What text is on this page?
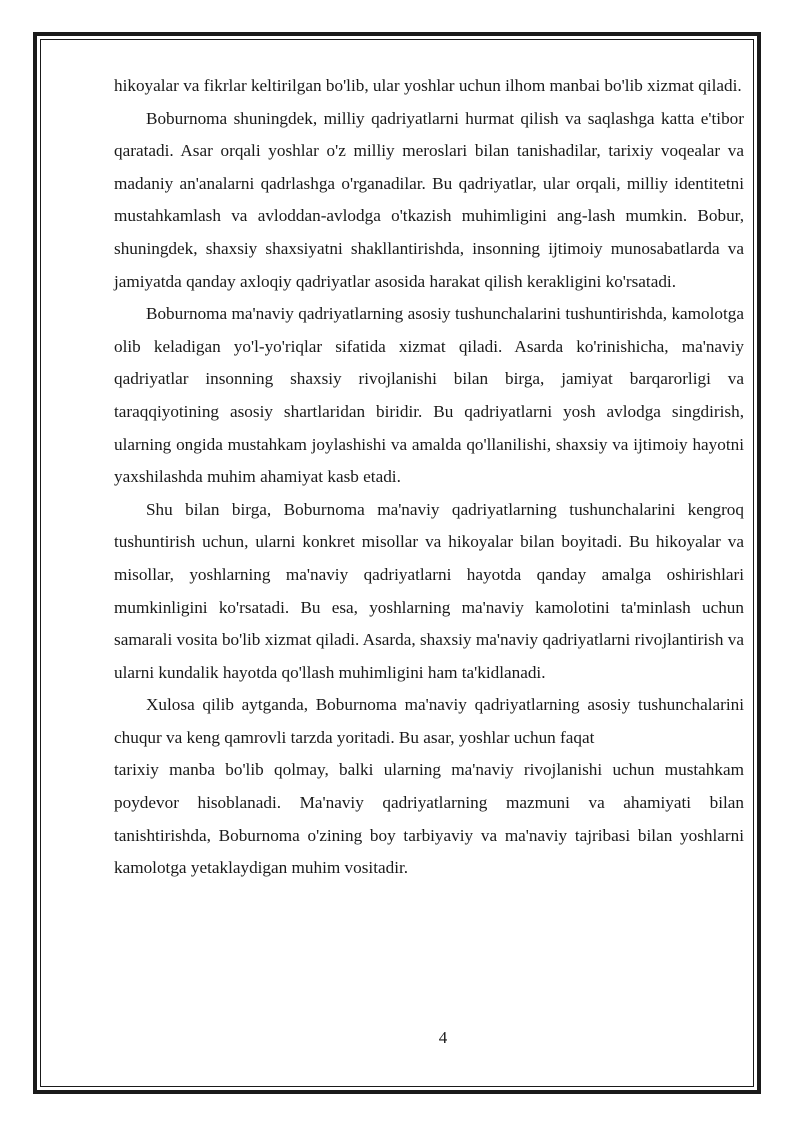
hikoyalar va fikrlar keltirilgan bo'lib, ular yoshlar uchun ilhom manbai bo'lib xizmat qiladi.

Boburnoma shuningdek, milliy qadriyatlarni hurmat qilish va saqlashga katta e'tibor qaratadi. Asar orqali yoshlar o'z milliy meroslari bilan tanishadilar, tarixiy voqealar va madaniy an'analarni qadrlashga o'rganadilar. Bu qadriyatlar, ular orqali, milliy identitetni mustahkamlash va avloddan-avlodga o'tkazish muhimligini ang-lash mumkin. Bobur, shuningdek, shaxsiy shaxsiyatni shakllantirishda, insonning ijtimoiy munosabatlarda va jamiyatda qanday axloqiy qadriyatlar asosida harakat qilish kerakligini ko'rsatadi.

Boburnoma ma'naviy qadriyatlarning asosiy tushunchalarini tushuntirishda, kamolotga olib keladigan yo'l-yo'riqlar sifatida xizmat qiladi. Asarda ko'rinishicha, ma'naviy qadriyatlar insonning shaxsiy rivojlanishi bilan birga, jamiyat barqarorligi va taraqqiyotining asosiy shartlaridan biridir. Bu qadriyatlarni yosh avlodga singdirish, ularning ongida mustahkam joylashishi va amalda qo'llanilishi, shaxsiy va ijtimoiy hayotni yaxshilashda muhim ahamiyat kasb etadi.

Shu bilan birga, Boburnoma ma'naviy qadriyatlarning tushunchalarini kengroq tushuntirish uchun, ularni konkret misollar va hikoyalar bilan boyitadi. Bu hikoyalar va misollar, yoshlarning ma'naviy qadriyatlarni hayotda qanday amalga oshirishlari mumkinligini ko'rsatadi. Bu esa, yoshlarning ma'naviy kamolotini ta'minlash uchun samarali vosita bo'lib xizmat qiladi. Asarda, shaxsiy ma'naviy qadriyatlarni rivojlantirish va ularni kundalik hayotda qo'llash muhimligini ham ta'kidlanadi.

Xulosa qilib aytganda, Boburnoma ma'naviy qadriyatlarning asosiy tushunchalarini chuqur va keng qamrovli tarzda yoritadi. Bu asar, yoshlar uchun faqat

tarixiy manba bo'lib qolmay, balki ularning ma'naviy rivojlanishi uchun mustahkam poydevor hisoblanadi. Ma'naviy qadriyatlarning mazmuni va ahamiyati bilan tanishtirishda, Boburnoma o'zining boy tarbiyaviy va ma'naviy tajribasi bilan yoshlarni kamolotga yetaklaydigan muhim vositadir.

4
